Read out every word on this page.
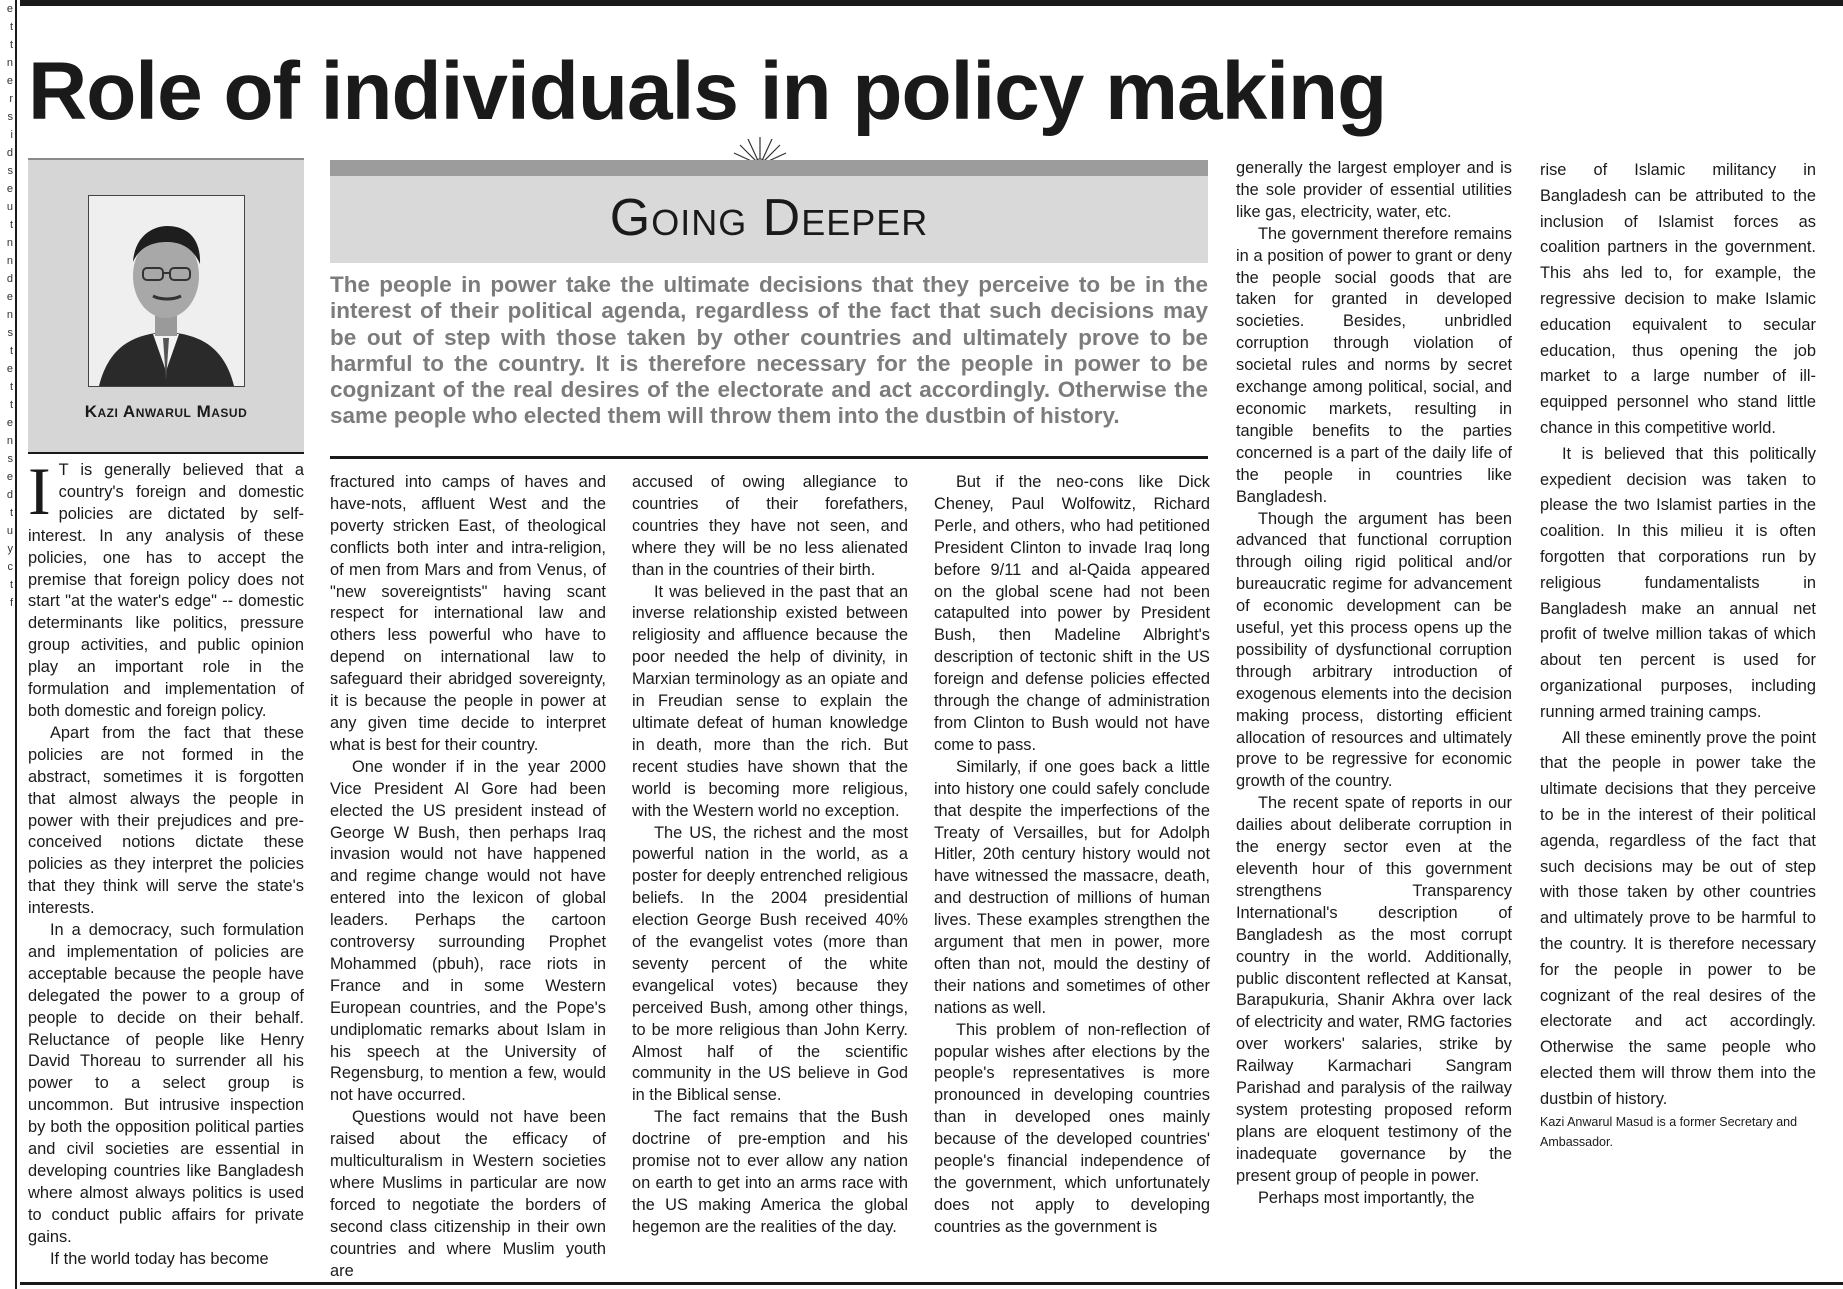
e
t
t
n
e
r
s
i
d
s
e
u
t
n
n
d
e
n
s
t
e
t
t
e
n
s
e
d
t
u
y
c
t
f
Role of individuals in policy making
Kazi Anwarul Masud
Going Deeper
The people in power take the ultimate decisions that they perceive to be in the interest of their political agenda, regardless of the fact that such decisions may be out of step with those taken by other countries and ultimately prove to be harmful to the country. It is therefore necessary for the people in power to be cognizant of the real desires of the electorate and act accordingly. Otherwise the same people who elected them will throw them into the dustbin of history.

I T is generally believed that a country's foreign and domestic policies are dictated by self-interest. In any analysis of these policies, one has to accept the premise that foreign policy does not start "at the water's edge" -- domestic determinants like politics, pressure group activities, and public opinion play an important role in the formulation and implementation of both domestic and foreign policy.

Apart from the fact that these policies are not formed in the abstract, sometimes it is forgotten that almost always the people in power with their prejudices and pre-conceived notions dictate these policies as they interpret the policies that they think will serve the state's interests.

In a democracy, such formulation and implementation of policies are acceptable because the people have delegated the power to a group of people to decide on their behalf. Reluctance of people like Henry David Thoreau to surrender all his power to a select group is uncommon. But intrusive inspection by both the opposition political parties and civil societies are essential in developing countries like Bangladesh where almost always politics is used to conduct public affairs for private gains.

If the world today has become

fractured into camps of haves and have-nots, affluent West and the poverty stricken East, of theological conflicts both inter and intra-religion, of men from Mars and from Venus, of "new sovereigntists" having scant respect for international law and others less powerful who have to depend on international law to safeguard their abridged sovereignty, it is because the people in power at any given time decide to interpret what is best for their country.

One wonder if in the year 2000 Vice President Al Gore had been elected the US president instead of George W Bush, then perhaps Iraq invasion would not have happened and regime change would not have entered into the lexicon of global leaders. Perhaps the cartoon controversy surrounding Prophet Mohammed (pbuh), race riots in France and in some Western European countries, and the Pope's undiplomatic remarks about Islam in his speech at the University of Regensburg, to mention a few, would not have occurred.

Questions would not have been raised about the efficacy of multiculturalism in Western societies where Muslims in particular are now forced to negotiate the borders of second class citizenship in their own countries and where Muslim youth are

accused of owing allegiance to countries of their forefathers, countries they have not seen, and where they will be no less alienated than in the countries of their birth.

It was believed in the past that an inverse relationship existed between religiosity and affluence because the poor needed the help of divinity, in Marxian terminology as an opiate and in Freudian sense to explain the ultimate defeat of human knowledge in death, more than the rich. But recent studies have shown that the world is becoming more religious, with the Western world no exception.

The US, the richest and the most powerful nation in the world, as a poster for deeply entrenched religious beliefs. In the 2004 presidential election George Bush received 40% of the evangelist votes (more than seventy percent of the white evangelical votes) because they perceived Bush, among other things, to be more religious than John Kerry. Almost half of the scientific community in the US believe in God in the Biblical sense.

The fact remains that the Bush doctrine of pre-emption and his promise not to ever allow any nation on earth to get into an arms race with the US making America the global hegemon are the realities of the day.

But if the neo-cons like Dick Cheney, Paul Wolfowitz, Richard Perle, and others, who had petitioned President Clinton to invade Iraq long before 9/11 and al-Qaida appeared on the global scene had not been catapulted into power by President Bush, then Madeline Albright's description of tectonic shift in the US foreign and defense policies effected through the change of administration from Clinton to Bush would not have come to pass.

Similarly, if one goes back a little into history one could safely conclude that despite the imperfections of the Treaty of Versailles, but for Adolph Hitler, 20th century history would not have witnessed the massacre, death, and destruction of millions of human lives. These examples strengthen the argument that men in power, more often than not, mould the destiny of their nations and sometimes of other nations as well.

This problem of non-reflection of popular wishes after elections by the people's representatives is more pronounced in developing countries than in developed ones mainly because of the developed countries' people's financial independence of the government, which unfortunately does not apply to developing countries as the government is

generally the largest employer and is the sole provider of essential utilities like gas, electricity, water, etc.

The government therefore remains in a position of power to grant or deny the people social goods that are taken for granted in developed societies. Besides, unbridled corruption through violation of societal rules and norms by secret exchange among political, social, and economic markets, resulting in tangible benefits to the parties concerned is a part of the daily life of the people in countries like Bangladesh.

Though the argument has been advanced that functional corruption through oiling rigid political and/or bureaucratic regime for advancement of economic development can be useful, yet this process opens up the possibility of dysfunctional corruption through arbitrary introduction of exogenous elements into the decision making process, distorting efficient allocation of resources and ultimately prove to be regressive for economic growth of the country.

The recent spate of reports in our dailies about deliberate corruption in the energy sector even at the eleventh hour of this government strengthens Transparency International's description of Bangladesh as the most corrupt country in the world. Additionally, public discontent reflected at Kansat, Barapukuria, Shanir Akhra over lack of electricity and water, RMG factories over workers' salaries, strike by Railway Karmachari Sangram Parishad and paralysis of the railway system protesting proposed reform plans are eloquent testimony of the inadequate governance by the present group of people in power.

Perhaps most importantly, the

rise of Islamic militancy in Bangladesh can be attributed to the inclusion of Islamist forces as coalition partners in the government. This ahs led to, for example, the regressive decision to make Islamic education equivalent to secular education, thus opening the job market to a large number of ill-equipped personnel who stand little chance in this competitive world.

It is believed that this politically expedient decision was taken to please the two Islamist parties in the coalition. In this milieu it is often forgotten that corporations run by religious fundamentalists in Bangladesh make an annual net profit of twelve million takas of which about ten percent is used for organizational purposes, including running armed training camps.

All these eminently prove the point that the people in power take the ultimate decisions that they perceive to be in the interest of their political agenda, regardless of the fact that such decisions may be out of step with those taken by other countries and ultimately prove to be harmful to the country. It is therefore necessary for the people in power to be cognizant of the real desires of the electorate and act accordingly. Otherwise the same people who elected them will throw them into the dustbin of history.

Kazi Anwarul Masud is a former Secretary and Ambassador.
